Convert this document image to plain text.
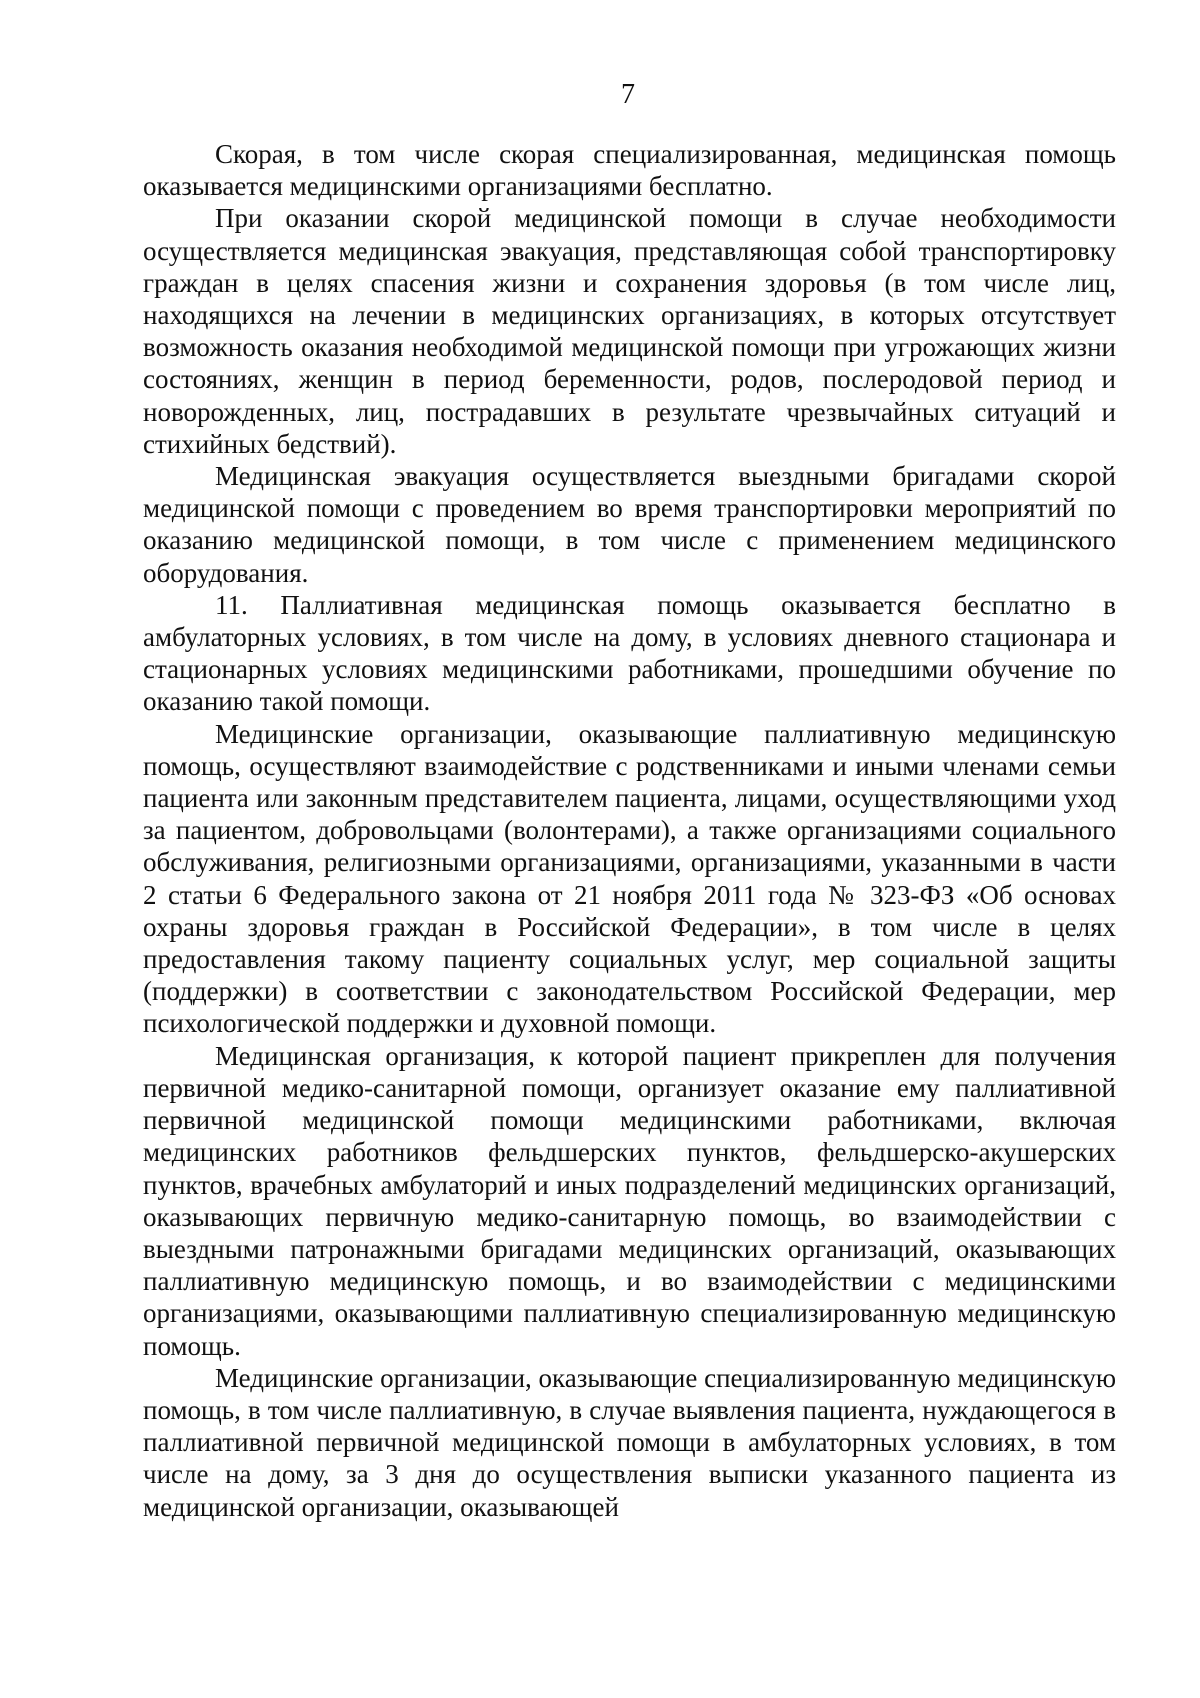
7

Скорая, в том числе скорая специализированная, медицинская помощь оказывается медицинскими организациями бесплатно.

При оказании скорой медицинской помощи в случае необходимости осуществляется медицинская эвакуация, представляющая собой транспортировку граждан в целях спасения жизни и сохранения здоровья (в том числе лиц, находящихся на лечении в медицинских организациях, в которых отсутствует возможность оказания необходимой медицинской помощи при угрожающих жизни состояниях, женщин в период беременности, родов, послеродовой период и новорожденных, лиц, пострадавших в результате чрезвычайных ситуаций и стихийных бедствий).

Медицинская эвакуация осуществляется выездными бригадами скорой медицинской помощи с проведением во время транспортировки мероприятий по оказанию медицинской помощи, в том числе с применением медицинского оборудования.

11. Паллиативная медицинская помощь оказывается бесплатно в амбулаторных условиях, в том числе на дому, в условиях дневного стационара и стационарных условиях медицинскими работниками, прошедшими обучение по оказанию такой помощи.

Медицинские организации, оказывающие паллиативную медицинскую помощь, осуществляют взаимодействие с родственниками и иными членами семьи пациента или законным представителем пациента, лицами, осуществляющими уход за пациентом, добровольцами (волонтерами), а также организациями социального обслуживания, религиозными организациями, организациями, указанными в части 2 статьи 6 Федерального закона от 21 ноября 2011 года № 323-ФЗ «Об основах охраны здоровья граждан в Российской Федерации», в том числе в целях предоставления такому пациенту социальных услуг, мер социальной защиты (поддержки) в соответствии с законодательством Российской Федерации, мер психологической поддержки и духовной помощи.

Медицинская организация, к которой пациент прикреплен для получения первичной медико-санитарной помощи, организует оказание ему паллиативной первичной медицинской помощи медицинскими работниками, включая медицинских работников фельдшерских пунктов, фельдшерско-акушерских пунктов, врачебных амбулаторий и иных подразделений медицинских организаций, оказывающих первичную медико-санитарную помощь, во взаимодействии с выездными патронажными бригадами медицинских организаций, оказывающих паллиативную медицинскую помощь, и во взаимодействии с медицинскими организациями, оказывающими паллиативную специализированную медицинскую помощь.

Медицинские организации, оказывающие специализированную медицинскую помощь, в том числе паллиативную, в случае выявления пациента, нуждающегося в паллиативной первичной медицинской помощи в амбулаторных условиях, в том числе на дому, за 3 дня до осуществления выписки указанного пациента из медицинской организации, оказывающей
